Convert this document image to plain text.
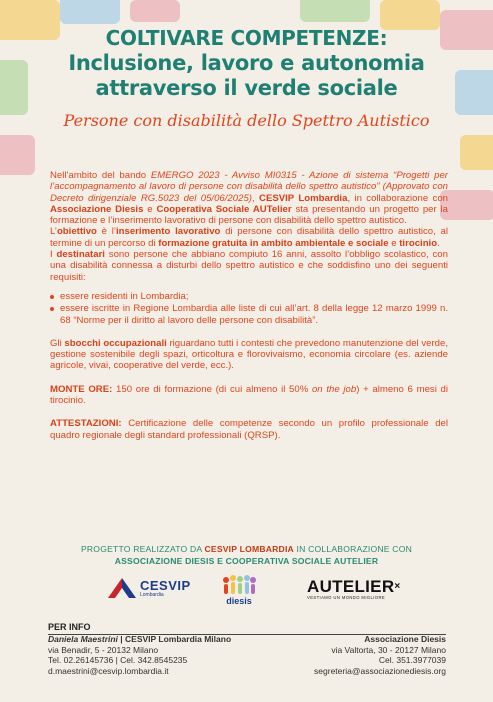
COLTIVARE COMPETENZE:
Inclusione, lavoro e autonomia
attraverso il verde sociale
Persone con disabilità dello Spettro Autistico

Nell'ambito del bando EMERGO 2023 - Avviso MI0315 - Azione di sistema “Progetti per l’accompagnamento al lavoro di persone con disabilità dello spettro autistico” (Approvato con Decreto dirigenziale RG.5023 del 05/06/2025), CESVIP Lombardia, in collaborazione con Associazione Diesis e Cooperativa Sociale AUTelier sta presentando un progetto per la formazione e l’inserimento lavorativo di persone con disabilità dello spettro autistico.

L’obiettivo è l’inserimento lavorativo di persone con disabilità dello spettro autistico, al termine di un percorso di formazione gratuita in ambito ambientale e sociale e tirocinio.

I destinatari sono persone che abbiano compiuto 16 anni, assolto l’obbligo scolastico, con una disabilità connessa a disturbi dello spettro autistico e che soddisfino uno dei seguenti requisiti:

essere residenti in Lombardia;
essere iscritte in Regione Lombardia alle liste di cui all’art. 8 della legge 12 marzo 1999 n. 68 “Norme per il diritto al lavoro delle persone con disabilità”.

Gli sbocchi occupazionali riguardano tutti i contesti che prevedono manutenzione del verde, gestione sostenibile degli spazi, orticoltura e florovivaismo, economia circolare (es. aziende agricole, vivai, cooperative del verde, ecc.).

MONTE ORE: 150 ore di formazione (di cui almeno il 50% on the job) + almeno 6 mesi di tirocinio.

ATTESTAZIONI: Certificazione delle competenze secondo un profilo professionale del quadro regionale degli standard professionali (QRSP).

PROGETTO REALIZZATO DA CESVIP LOMBARDIA IN COLLABORAZIONE CON
ASSOCIAZIONE DIESIS E COOPERATIVA SOCIALE AUTELIER
CESVIP
Lombardia
diesis
AUTELIER×
VESTIAMO UN MONDO MIGLIORE
PER INFO
Daniela Maestrini | CESVIP Lombardia Milano
via Benadir, 5 - 20132 Milano
Tel. 02.26145736 | Cel. 342.8545235
d.maestrini@cesvip.lombardia.it
Associazione Diesis
via Valtorta, 30 - 20127 Milano
Cel. 351.3977039
segreteria@associazionediesis.org
